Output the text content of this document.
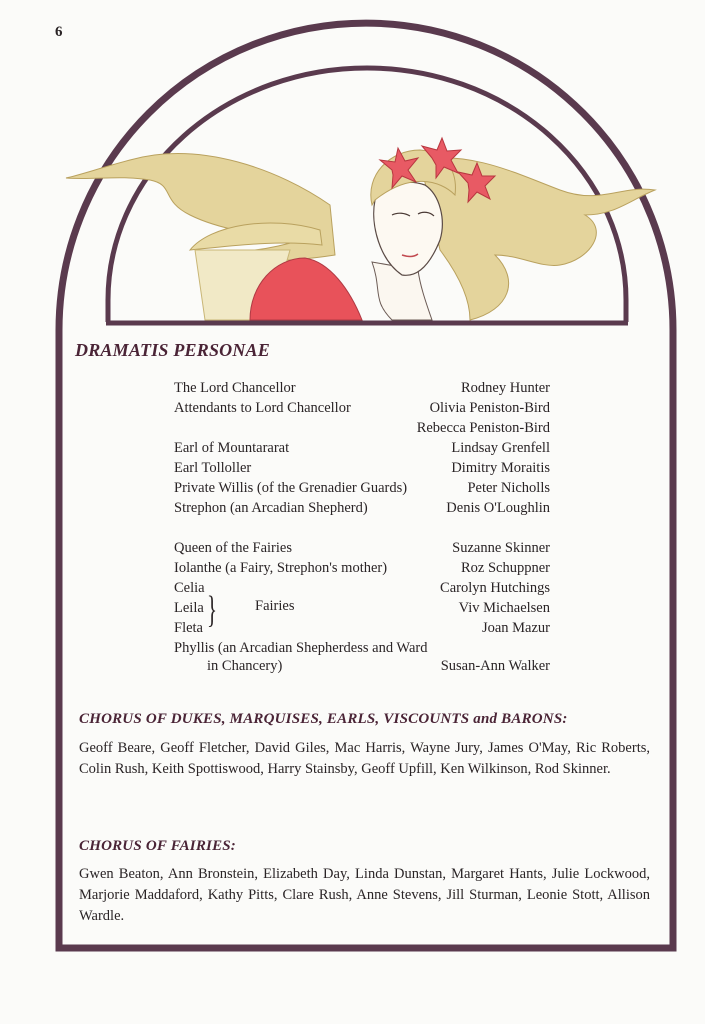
6
DRAMATIS PERSONAE
The Lord Chancellor	Rodney Hunter
Attendants to Lord Chancellor	Olivia Peniston-Bird
Rebecca Peniston-Bird
Earl of Mountararat	Lindsay Grenfell
Earl Tolloller	Dimitry Moraitis
Private Willis (of the Grenadier Guards)	Peter Nicholls
Strephon (an Arcadian Shepherd)	Denis O'Loughlin
Queen of the Fairies	Suzanne Skinner
Iolanthe (a Fairy, Strephon's mother)	Roz Schuppner
Celia	Carolyn Hutchings
Leila	Viv Michaelsen
Fleta	Joan Mazur
}	Fairies
Phyllis (an Arcadian Shepherdess and Ward
in Chancery)	Susan-Ann Walker
CHORUS OF DUKES, MARQUISES, EARLS, VISCOUNTS and BARONS:
Geoff Beare, Geoff Fletcher, David Giles, Mac Harris, Wayne Jury, James O'May, Ric Roberts, Colin Rush, Keith Spottiswood, Harry Stainsby, Geoff Upfill, Ken Wilkinson, Rod Skinner.
CHORUS OF FAIRIES:
Gwen Beaton, Ann Bronstein, Elizabeth Day, Linda Dunstan, Margaret Hants, Julie Lockwood, Marjorie Maddaford, Kathy Pitts, Clare Rush, Anne Stevens, Jill Sturman, Leonie Stott, Allison Wardle.
